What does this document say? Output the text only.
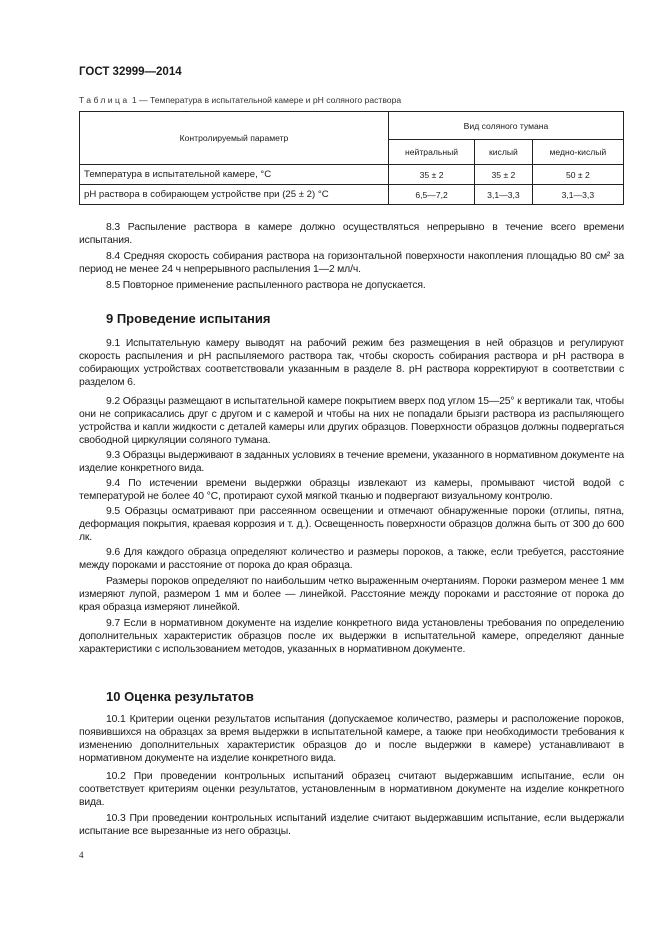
ГОСТ 32999—2014
Таблица 1 — Температура в испытательной камере и pH соляного раствора
Контролируемый параметр	Вид соляного тумана		
	нейтральный	кислый	медно-кислый
Температура в испытательной камере, °С	35 ± 2	35 ± 2	50 ± 2
рН раствора в собирающем устройстве при (25 ± 2) °С	6,5—7,2	3,1—3,3	3,1—3,3
8.3 Распыление раствора в камере должно осуществляться непрерывно в течение всего времени испытания.
8.4 Средняя скорость собирания раствора на горизонтальной поверхности накопления площадью 80 см² за период не менее 24 ч непрерывного распыления 1—2 мл/ч.
8.5 Повторное применение распыленного раствора не допускается.
9 Проведение испытания
9.1 Испытательную камеру выводят на рабочий режим без размещения в ней образцов и регулируют скорость распыления и рН распыляемого раствора так, чтобы скорость собирания раствора и рН раствора в собирающих устройствах соответствовали указанным в разделе 8. рН раствора корректируют в соответствии с разделом 6.
9.2 Образцы размещают в испытательной камере покрытием вверх под углом 15—25° к вертикали так, чтобы они не соприкасались друг с другом и с камерой и чтобы на них не попадали брызги раствора из распыляющего устройства и капли жидкости с деталей камеры или других образцов. Поверхности образцов должны подвергаться свободной циркуляции соляного тумана.
9.3 Образцы выдерживают в заданных условиях в течение времени, указанного в нормативном документе на изделие конкретного вида.
9.4 По истечении времени выдержки образцы извлекают из камеры, промывают чистой водой с температурой не более 40 °С, протирают сухой мягкой тканью и подвергают визуальному контролю.
9.5 Образцы осматривают при рассеянном освещении и отмечают обнаруженные пороки (отлипы, пятна, деформация покрытия, краевая коррозия и т. д.). Освещенность поверхности образцов должна быть от 300 до 600 лк.
9.6 Для каждого образца определяют количество и размеры пороков, а также, если требуется, расстояние между пороками и расстояние от порока до края образца.
Размеры пороков определяют по наибольшим четко выраженным очертаниям. Пороки размером менее 1 мм измеряют лупой, размером 1 мм и более — линейкой. Расстояние между пороками и расстояние от порока до края образца измеряют линейкой.
9.7 Если в нормативном документе на изделие конкретного вида установлены требования по определению дополнительных характеристик образцов после их выдержки в испытательной камере, определяют данные характеристики с использованием методов, указанных в нормативном документе.
10 Оценка результатов
10.1 Критерии оценки результатов испытания (допускаемое количество, размеры и расположение пороков, появившихся на образцах за время выдержки в испытательной камере, а также при необходимости требования к изменению дополнительных характеристик образцов до и после выдержки в камере) устанавливают в нормативном документе на изделие конкретного вида.
10.2 При проведении контрольных испытаний образец считают выдержавшим испытание, если он соответствует критериям оценки результатов, установленным в нормативном документе на изделие конкретного вида.
10.3 При проведении контрольных испытаний изделие считают выдержавшим испытание, если выдержали испытание все вырезанные из него образцы.
4
